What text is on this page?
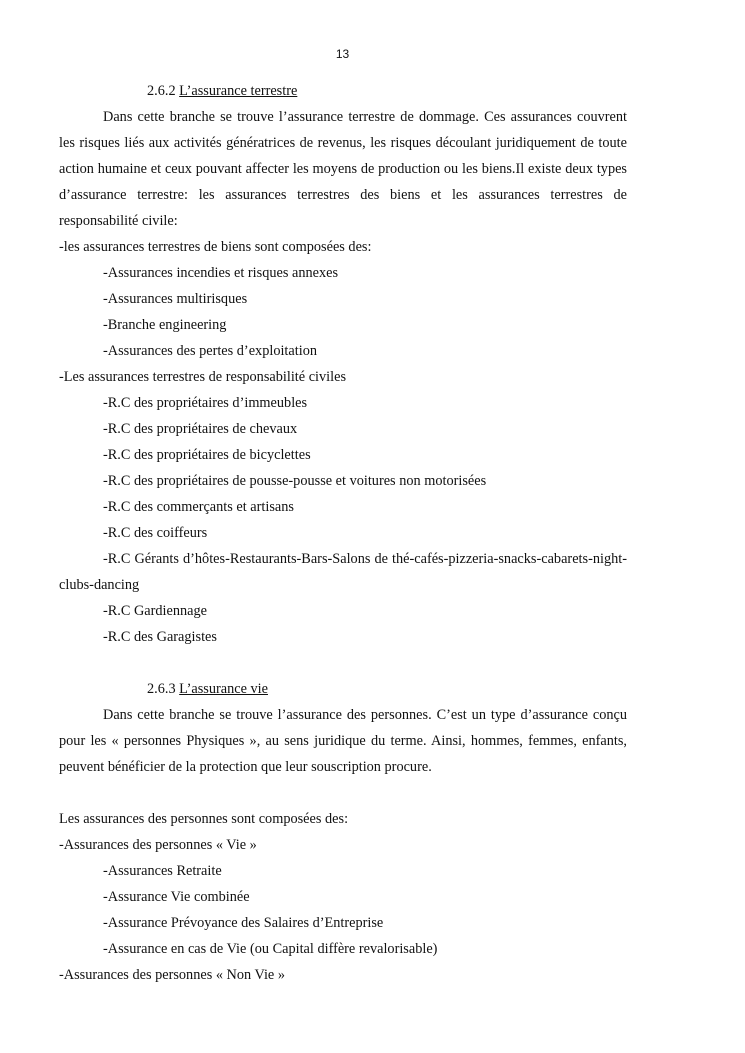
13

2.6.2 L’assurance terrestre

Dans cette branche se trouve l’assurance terrestre de dommage. Ces assurances couvrent les risques liés aux activités génératrices de revenus, les risques découlant juridiquement de toute action humaine et ceux pouvant affecter les moyens de production ou les biens.Il existe deux types d’assurance terrestre: les assurances terrestres des biens et les assurances terrestres de responsabilité civile:

-les assurances terrestres de biens sont composées des:

-Assurances incendies et risques annexes

-Assurances multirisques

-Branche engineering

-Assurances des pertes d’exploitation

-Les assurances terrestres de responsabilité civiles

-R.C des propriétaires d’immeubles

-R.C des propriétaires de chevaux

-R.C des propriétaires de bicyclettes

-R.C des propriétaires de pousse-pousse et voitures non motorisées

-R.C des commerçants et artisans

-R.C des coiffeurs

-R.C Gérants d’hôtes-Restaurants-Bars-Salons de thé-cafés-pizzeria-snacks-cabarets-night-clubs-dancing

-R.C Gardiennage

-R.C des Garagistes

2.6.3 L’assurance vie

Dans cette branche se trouve l’assurance des personnes. C’est un type d’assurance conçu pour les « personnes Physiques », au sens juridique du terme. Ainsi, hommes, femmes, enfants, peuvent bénéficier de la protection que leur souscription procure.

Les assurances des personnes sont composées des:

-Assurances des personnes « Vie »

-Assurances Retraite

-Assurance Vie combinée

-Assurance Prévoyance des Salaires d’Entreprise

-Assurance en cas de Vie (ou Capital diffère revalorisable)

-Assurances des personnes « Non Vie »
